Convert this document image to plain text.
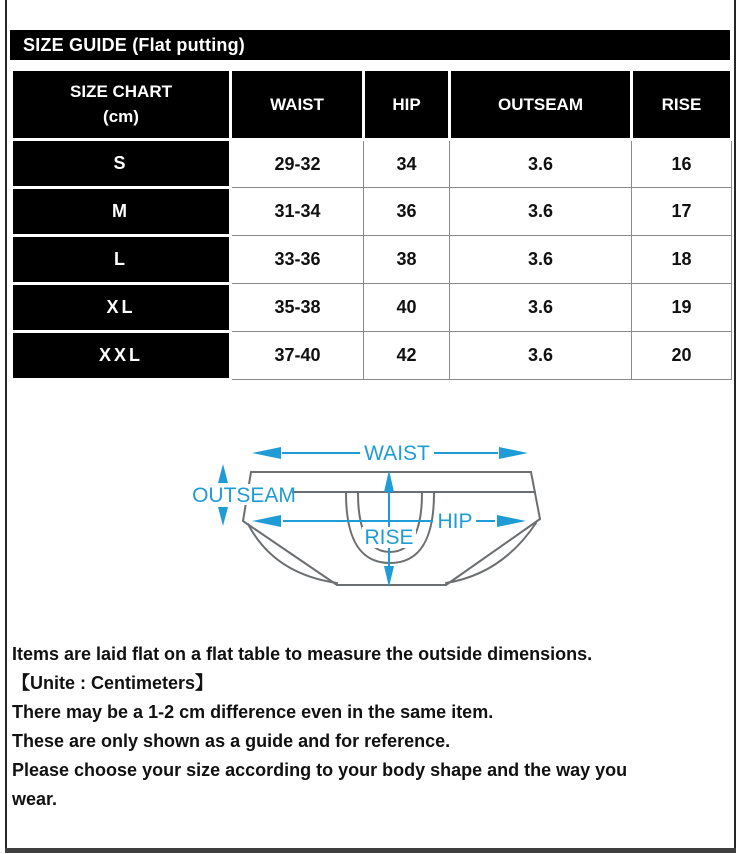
SIZE GUIDE (Flat putting)
SIZE CHART
(cm)	WAIST	HIP	OUTSEAM	RISE
S	29-32	34	3.6	16
M	31-34	36	3.6	17
L	33-36	38	3.6	18
XL	35-38	40	3.6	19
XXL	37-40	42	3.6	20
WAIST
OUTSEAM
HIP
RISE
Items are laid flat on a flat table to measure the outside dimensions.
【Unite : Centimeters】
There may be a 1-2 cm difference even in the same item.
These are only shown as a guide and for reference.
Please choose your size according to your body shape and the way you
wear.
